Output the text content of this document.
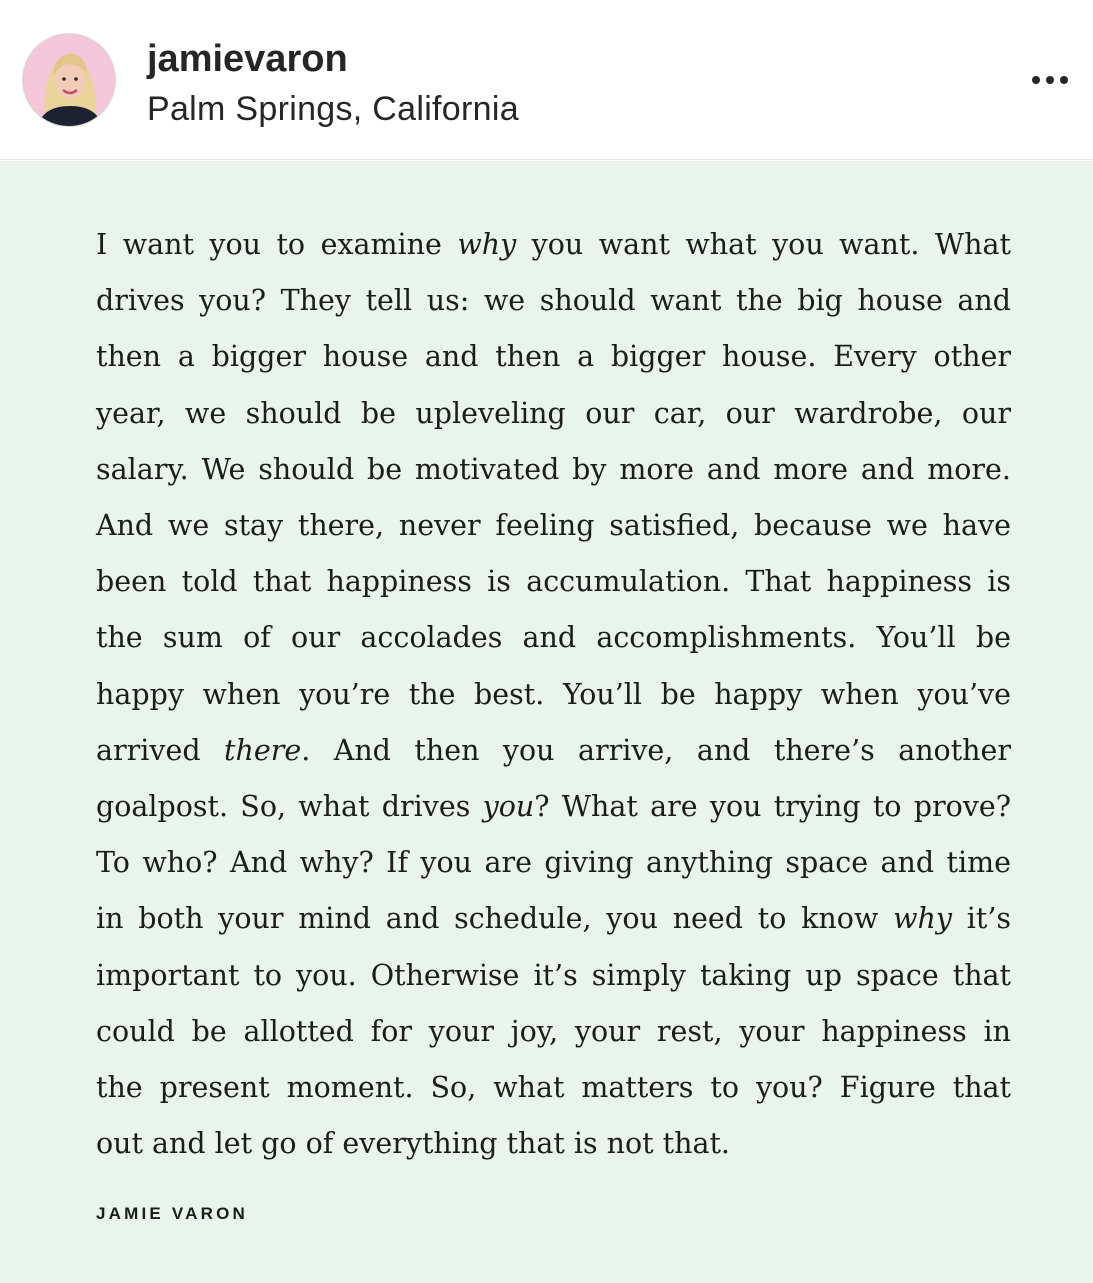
jamievaron
Palm Springs, California
I want you to examine why you want what you want. What
drives you? They tell us: we should want the big house and
then a bigger house and then a bigger house. Every other
year, we should be upleveling our car, our wardrobe, our
salary. We should be motivated by more and more and more.
And we stay there, never feeling satisfied, because we have
been told that happiness is accumulation. That happiness is
the sum of our accolades and accomplishments. You’ll be
happy when you’re the best. You’ll be happy when you’ve
arrived there. And then you arrive, and there’s another
goalpost. So, what drives you? What are you trying to prove?
To who? And why? If you are giving anything space and time
in both your mind and schedule, you need to know why it’s
important to you. Otherwise it’s simply taking up space that
could be allotted for your joy, your rest, your happiness in
the present moment. So, what matters to you? Figure that
out and let go of everything that is not that.
JAMIE VARON
